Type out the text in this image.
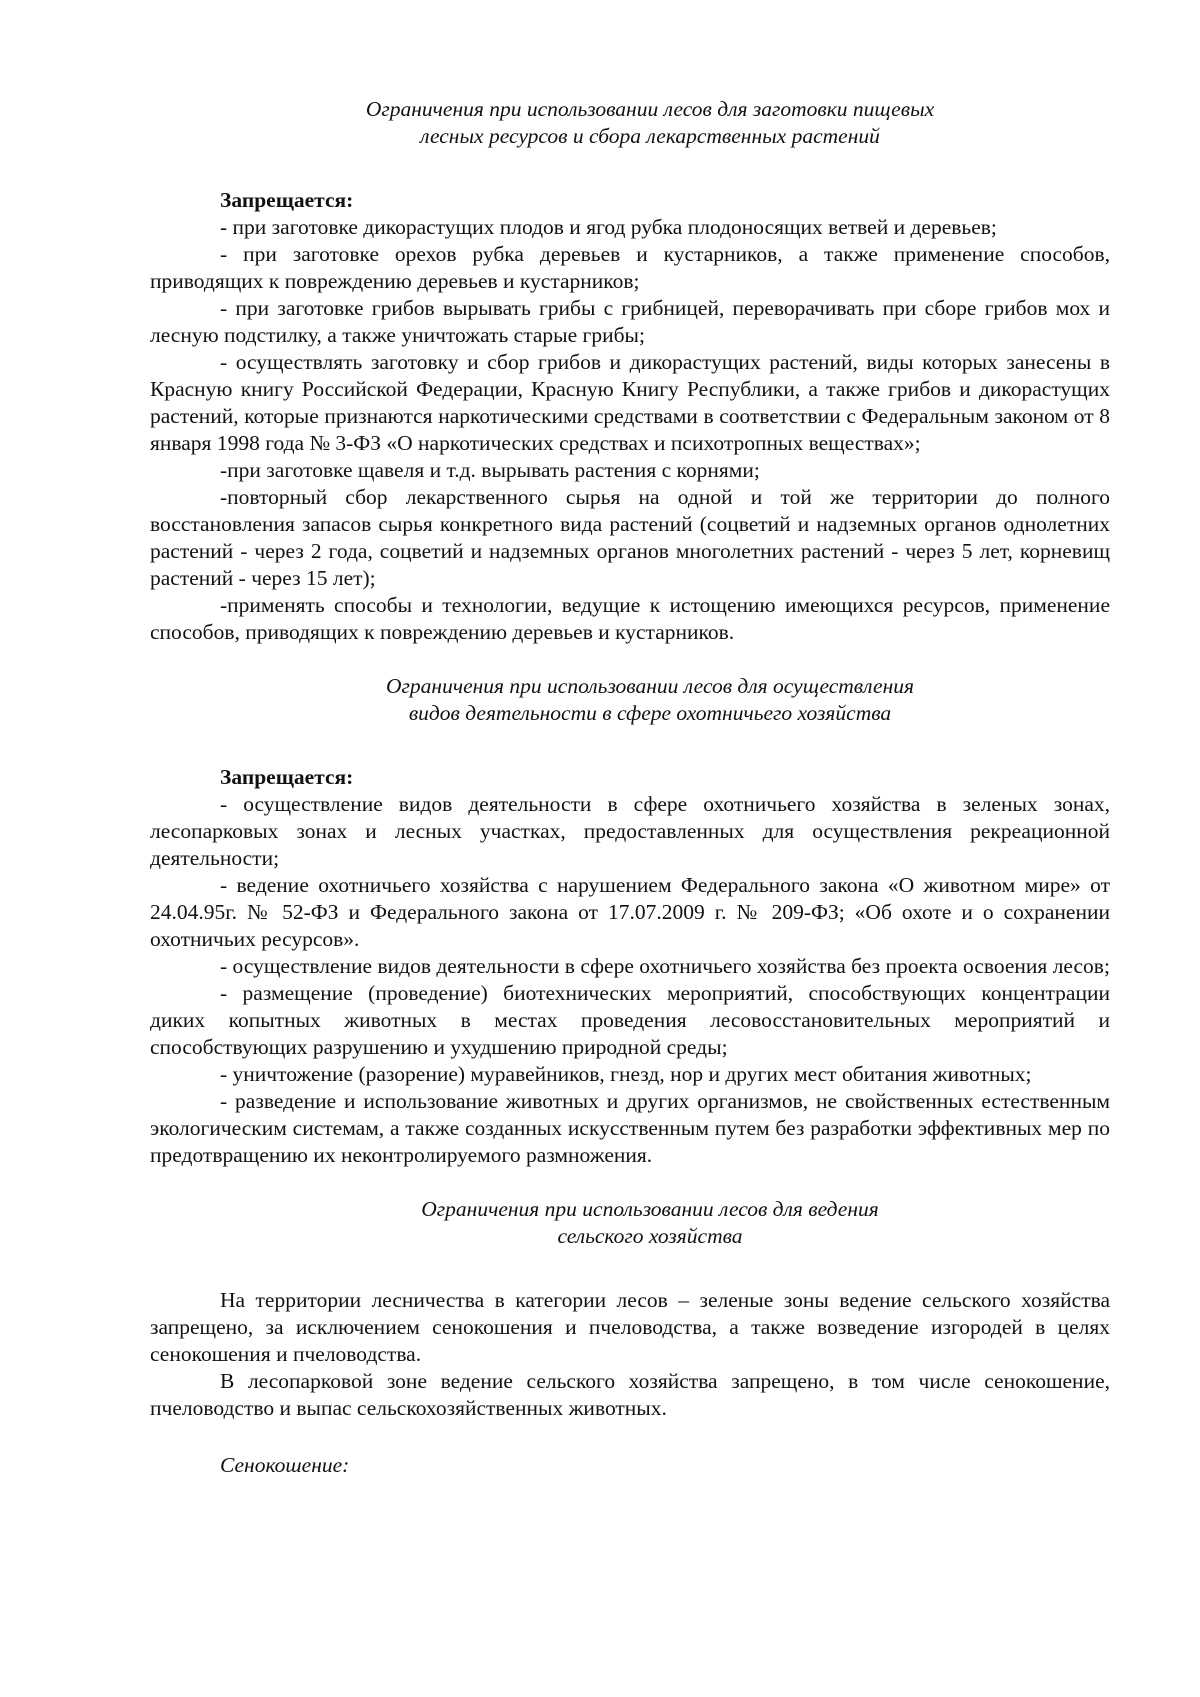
Ограничения при использовании лесов для заготовки пищевых
лесных ресурсов и сбора лекарственных растений

Запрещается:

- при заготовке дикорастущих плодов и ягод рубка плодоносящих ветвей и деревьев;

- при заготовке орехов рубка деревьев и кустарников, а также применение способов, приводящих к повреждению деревьев и кустарников;

- при заготовке грибов вырывать грибы с грибницей, переворачивать при сборе грибов мох и лесную подстилку, а также уничтожать старые грибы;

- осуществлять заготовку и сбор грибов и дикорастущих растений, виды которых занесены в Красную книгу Российской Федерации, Красную Книгу Республики, а также грибов и дикорастущих растений, которые признаются наркотическими средствами в соответствии с Федеральным законом от 8 января 1998 года № 3-ФЗ «О наркотических средствах и психотропных веществах»;

-при заготовке щавеля и т.д. вырывать растения с корнями;

-повторный сбор лекарственного сырья на одной и той же территории до полного восстановления запасов сырья конкретного вида растений (соцветий и надземных органов однолетних растений - через 2 года, соцветий и надземных органов многолетних растений - через 5 лет, корневищ растений - через 15 лет);

-применять способы и технологии, ведущие к истощению имеющихся ресурсов, применение способов, приводящих к повреждению деревьев и кустарников.

Ограничения при использовании лесов для осуществления
видов деятельности в сфере охотничьего хозяйства

Запрещается:

- осуществление видов деятельности в сфере охотничьего хозяйства в зеленых зонах, лесопарковых зонах и лесных участках, предоставленных для осуществления рекреационной деятельности;

- ведение охотничьего хозяйства с нарушением Федерального закона «О животном мире» от 24.04.95г. № 52-ФЗ и Федерального закона от 17.07.2009 г. № 209-ФЗ; «Об охоте и о сохранении охотничьих ресурсов».

- осуществление видов деятельности в сфере охотничьего хозяйства без проекта освоения лесов;

- размещение (проведение) биотехнических мероприятий, способствующих концентрации диких копытных животных в местах проведения лесовосстановительных мероприятий и способствующих разрушению и ухудшению природной среды;

- уничтожение (разорение) муравейников, гнезд, нор и других мест обитания животных;

- разведение и использование животных и других организмов, не свойственных естественным экологическим системам, а также созданных искусственным путем без разработки эффективных мер по предотвращению их неконтролируемого размножения.

Ограничения при использовании лесов для ведения
сельского хозяйства

На территории лесничества в категории лесов – зеленые зоны ведение сельского хозяйства запрещено, за исключением сенокошения и пчеловодства, а также возведение изгородей в целях сенокошения и пчеловодства.

В лесопарковой зоне ведение сельского хозяйства запрещено, в том числе сенокошение, пчеловодство и выпас сельскохозяйственных животных.

Сенокошение:
